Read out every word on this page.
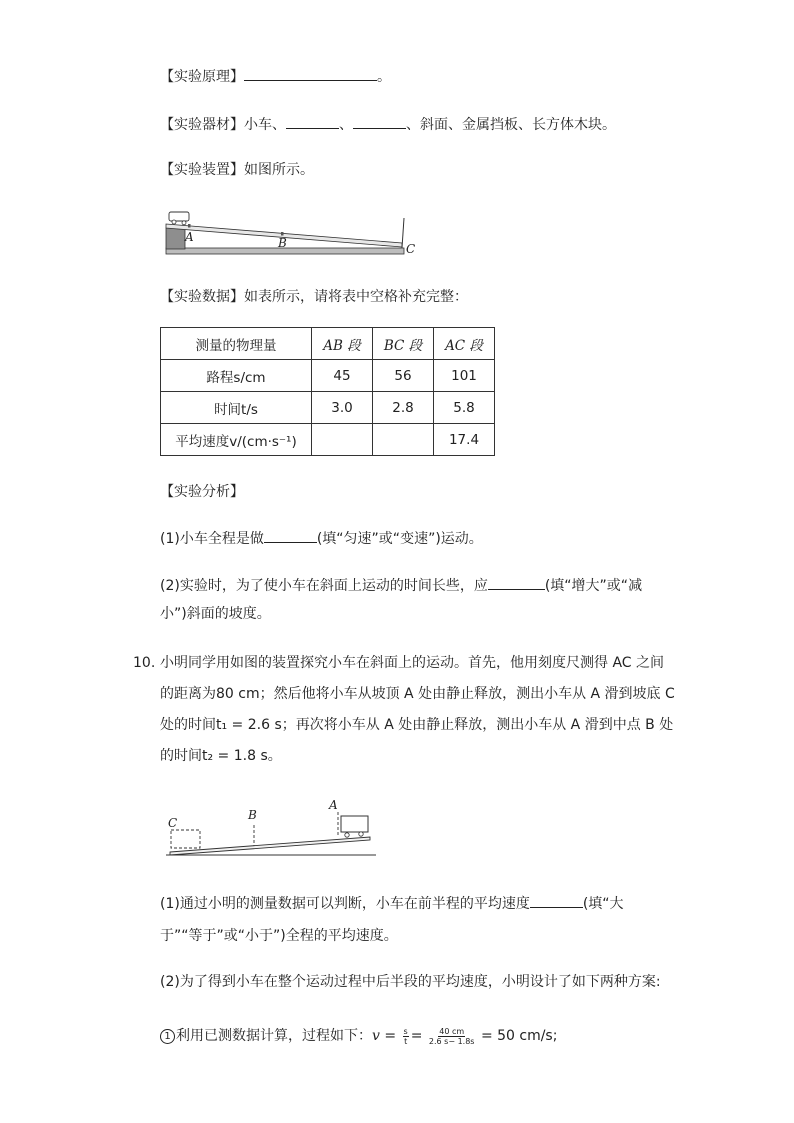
【实验原理】	。
【实验器材】小车、	、	、斜面、金属挡板、长方体木块。
【实验装置】如图所示。
A	B	C
【实验数据】如表所示，请将表中空格补充完整：
测量的物理量	AB 段	BC 段	AC 段
路程s/cm	45	56	101
时间t/s	3.0	2.8	5.8
平均速度v/(cm·s⁻¹)			17.4
【实验分析】
(1)小车全程是做	(填“匀速”或“变速”)运动。
(2)实验时，为了使小车在斜面上运动的时间长些，应	(填“增大”或“减
小”)斜面的坡度。
10. 小明同学用如图的装置探究小车在斜面上的运动。首先，他用刻度尺测得 AC 之间
的距离为80 cm；然后他将小车从坡顶 A 处由静止释放，测出小车从 A 滑到坡底 C
处的时间t₁ = 2.6 s；再次将小车从 A 处由静止释放，测出小车从 A 滑到中点 B 处
的时间t₂ = 1.8 s。
C
B
A
(1)通过小明的测量数据可以判断，小车在前半程的平均速度	(填“大
于”“等于”或“小于”)全程的平均速度。
(2)为了得到小车在整个运动过程中后半段的平均速度，小明设计了如下两种方案:
1 利用已测数据计算，过程如下：$v = \frac{s}{t} = \frac{40 cm}{2.6 s- 1.8s} = 50$ cm/s;
